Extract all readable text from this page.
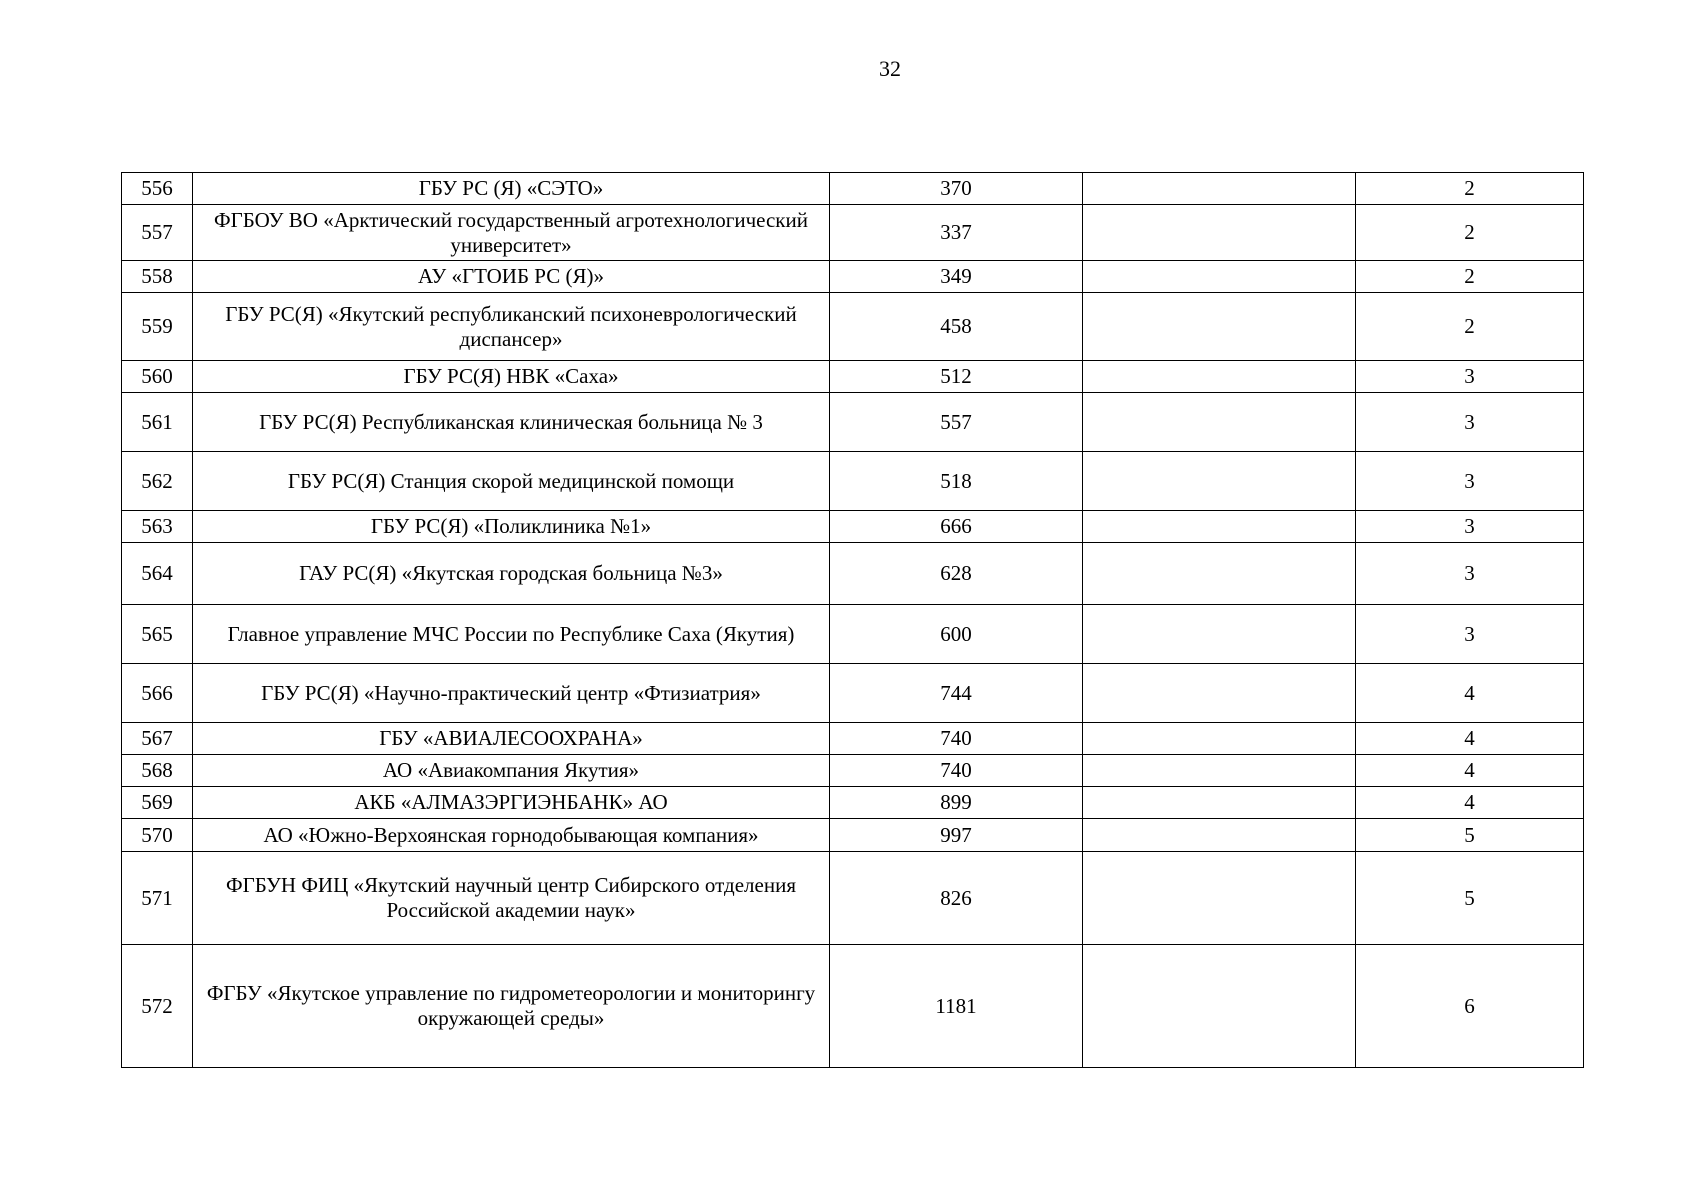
32
556	ГБУ РС (Я) «СЭТО»	370		2
557	ФГБОУ ВО «Арктический государственный агротехнологический университет»	337		2
558	АУ «ГТОИБ РС (Я)»	349		2
559	ГБУ РС(Я) «Якутский республиканский психоневрологический диспансер»	458		2
560	ГБУ РС(Я) НВК «Саха»	512		3
561	ГБУ РС(Я) Республиканская клиническая больница № 3	557		3
562	ГБУ РС(Я) Станция скорой медицинской помощи	518		3
563	ГБУ РС(Я) «Поликлиника №1»	666		3
564	ГАУ РС(Я) «Якутская городская больница №3»	628		3
565	Главное управление МЧС России по Республике Саха (Якутия)	600		3
566	ГБУ РС(Я) «Научно-практический центр «Фтизиатрия»	744		4
567	ГБУ «АВИАЛЕСООХРАНА»	740		4
568	АО «Авиакомпания Якутия»	740		4
569	АКБ «АЛМАЗЭРГИЭНБАНК» АО	899		4
570	АО «Южно-Верхоянская горнодобывающая компания»	997		5
571	ФГБУН ФИЦ «Якутский научный центр Сибирского отделения Российской академии наук»	826		5
572	ФГБУ «Якутское управление по гидрометеорологии и мониторингу окружающей среды»	1181		6
